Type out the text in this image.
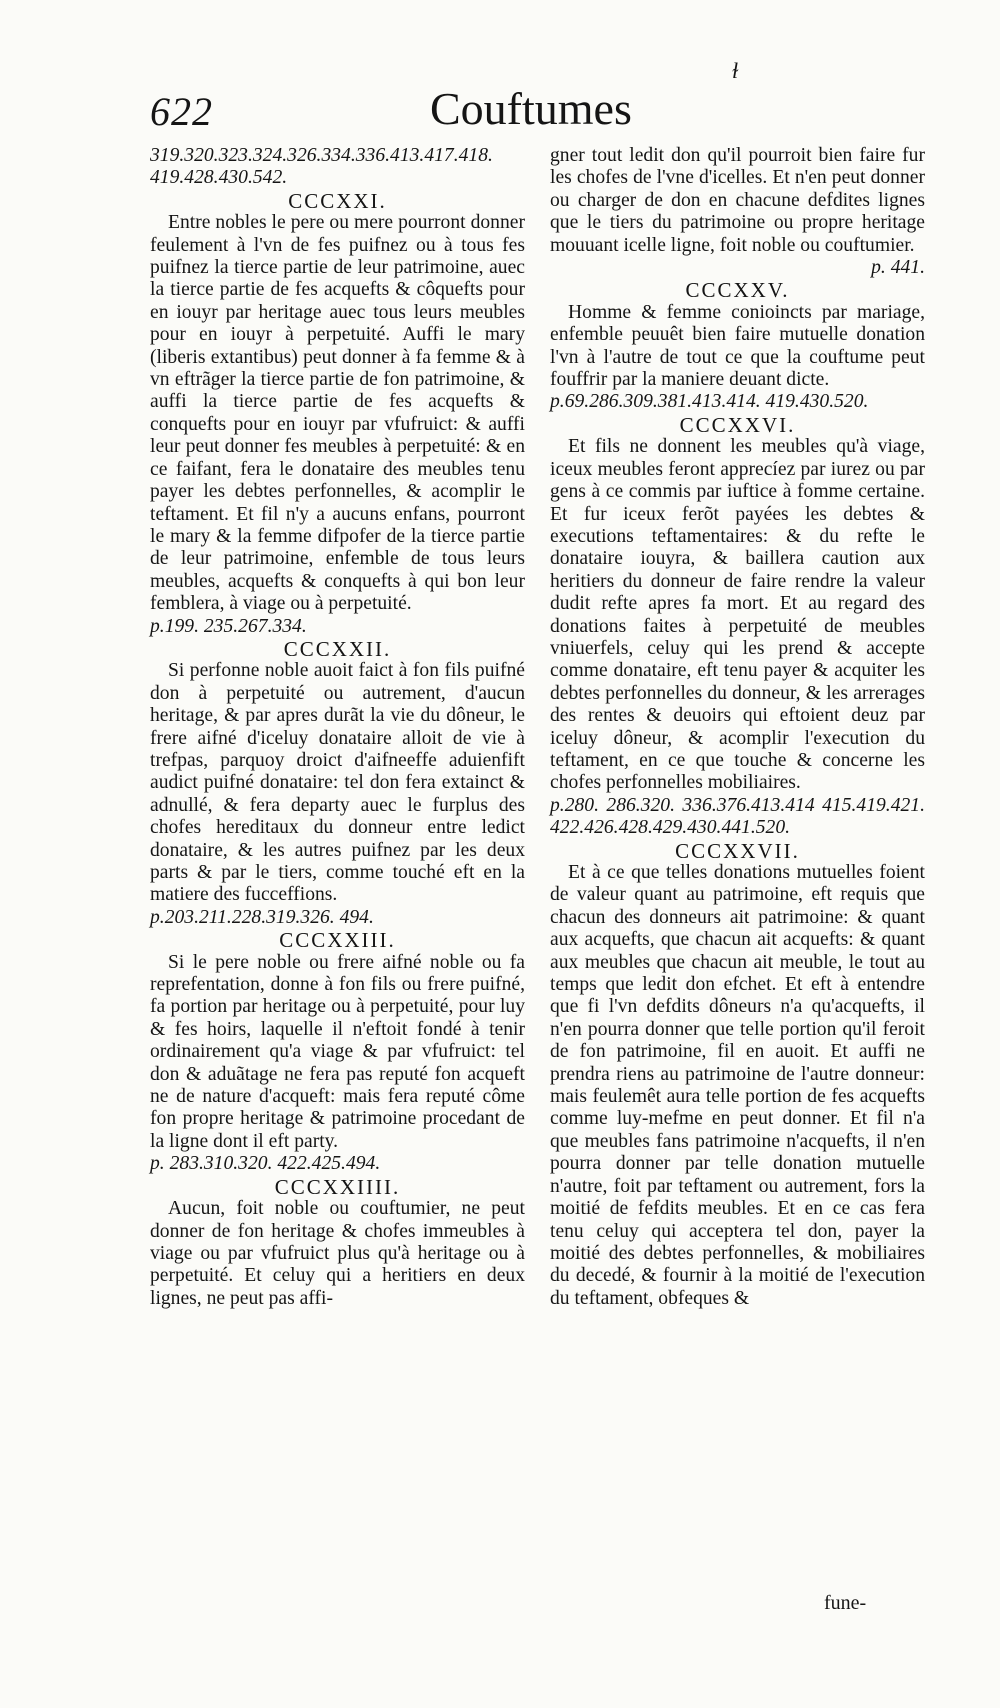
622	Couftumes
ɫ
319.320.323.324.326.334.336.413.417.418. 419.428.430.542.
CCCXXI.
Entre nobles le pere ou mere pourront donner feulement à l'vn de fes puifnez ou à tous fes puifnez la tierce partie de leur patrimoine, auec la tierce partie de fes acquefts & côquefts pour en iouyr par heritage auec tous leurs meubles pour en iouyr à perpetuité. Auffi le mary (liberis extantibus) peut donner à fa femme & à vn eftrãger la tierce partie de fon patrimoine, & auffi la tierce partie de fes acquefts & conquefts pour en iouyr par vfufruict: & auffi leur peut donner fes meubles à perpetuité: & en ce faifant, fera le donataire des meubles tenu payer les debtes perfonnelles, & acomplir le teftament. Et fil n'y a aucuns enfans, pourront le mary & la femme difpofer de la tierce partie de leur patrimoine, enfemble de tous leurs meubles, acquefts & conquefts à qui bon leur femblera, à viage ou à perpetuité.
p.199. 235.267.334.
CCCXXII.
Si perfonne noble auoit faict à fon fils puifné don à perpetuité ou autrement, d'aucun heritage, & par apres durãt la vie du dôneur, le frere aifné d'iceluy donataire alloit de vie à trefpas, parquoy droict d'aifneeffe aduienfift audict puifné donataire: tel don fera extainct & adnullé, & fera departy auec le furplus des chofes hereditaux du donneur entre ledict donataire, & les autres puifnez par les deux parts & par le tiers, comme touché eft en la matiere des fucceffions.
p.203.211.228.319.326. 494.
CCCXXIII.
Si le pere noble ou frere aifné noble ou fa reprefentation, donne à fon fils ou frere puifné, fa portion par heritage ou à perpetuité, pour luy & fes hoirs, laquelle il n'eftoit fondé à tenir ordinairement qu'a viage & par vfufruict: tel don & aduãtage ne fera pas reputé fon acqueft ne de nature d'acqueft: mais fera reputé côme fon propre heritage & patrimoine procedant de la ligne dont il eft party.
p. 283.310.320. 422.425.494.
CCCXXIIII.
Aucun, foit noble ou couftumier, ne peut donner de fon heritage & chofes immeubles à viage ou par vfufruict plus qu'à heritage ou à perpetuité. Et celuy qui a heritiers en deux lignes, ne peut pas affi-
gner tout ledit don qu'il pourroit bien faire fur les chofes de l'vne d'icelles. Et n'en peut donner ou charger de don en chacune defdites lignes que le tiers du patrimoine ou propre heritage mouuant icelle ligne, foit noble ou couftumier.
p. 441.
CCCXXV.
Homme & femme conioincts par mariage, enfemble peuuêt bien faire mutuelle donation l'vn à l'autre de tout ce que la couftume peut fouffrir par la maniere deuant dicte.
p.69.286.309.381.413.414. 419.430.520.
CCCXXVI.
Et fils ne donnent les meubles qu'à viage, iceux meubles feront apprecíez par iurez ou par gens à ce commis par iuftice à fomme certaine. Et fur iceux ferõt payées les debtes & executions teftamentaires: & du refte le donataire iouyra, & baillera caution aux heritiers du donneur de faire rendre la valeur dudit refte apres fa mort. Et au regard des donations faites à perpetuité de meubles vniuerfels, celuy qui les prend & accepte comme donataire, eft tenu payer & acquiter les debtes perfonnelles du donneur, & les arrerages des rentes & deuoirs qui eftoient deuz par iceluy dôneur, & acomplir l'execution du teftament, en ce que touche & concerne les chofes perfonnelles mobiliaires.
p.280. 286.320. 336.376.413.414 415.419.421. 422.426.428.429.430.441.520.
CCCXXVII.
Et à ce que telles donations mutuelles foient de valeur quant au patrimoine, eft requis que chacun des donneurs ait patrimoine: & quant aux acquefts, que chacun ait acquefts: & quant aux meubles que chacun ait meuble, le tout au temps que ledit don efchet. Et eft à entendre que fi l'vn defdits dôneurs n'a qu'acquefts, il n'en pourra donner que telle portion qu'il feroit de fon patrimoine, fil en auoit. Et auffi ne prendra riens au patrimoine de l'autre donneur: mais feulemêt aura telle portion de fes acquefts comme luy-mefme en peut donner. Et fil n'a que meubles fans patrimoine n'acquefts, il n'en pourra donner par telle donation mutuelle n'autre, foit par teftament ou autrement, fors la moitié de fefdits meubles. Et en ce cas fera tenu celuy qui acceptera tel don, payer la moitié des debtes perfonnelles, & mobiliaires du decedé, & fournir à la moitié de l'execution du teftament, obfeques &
fune-
